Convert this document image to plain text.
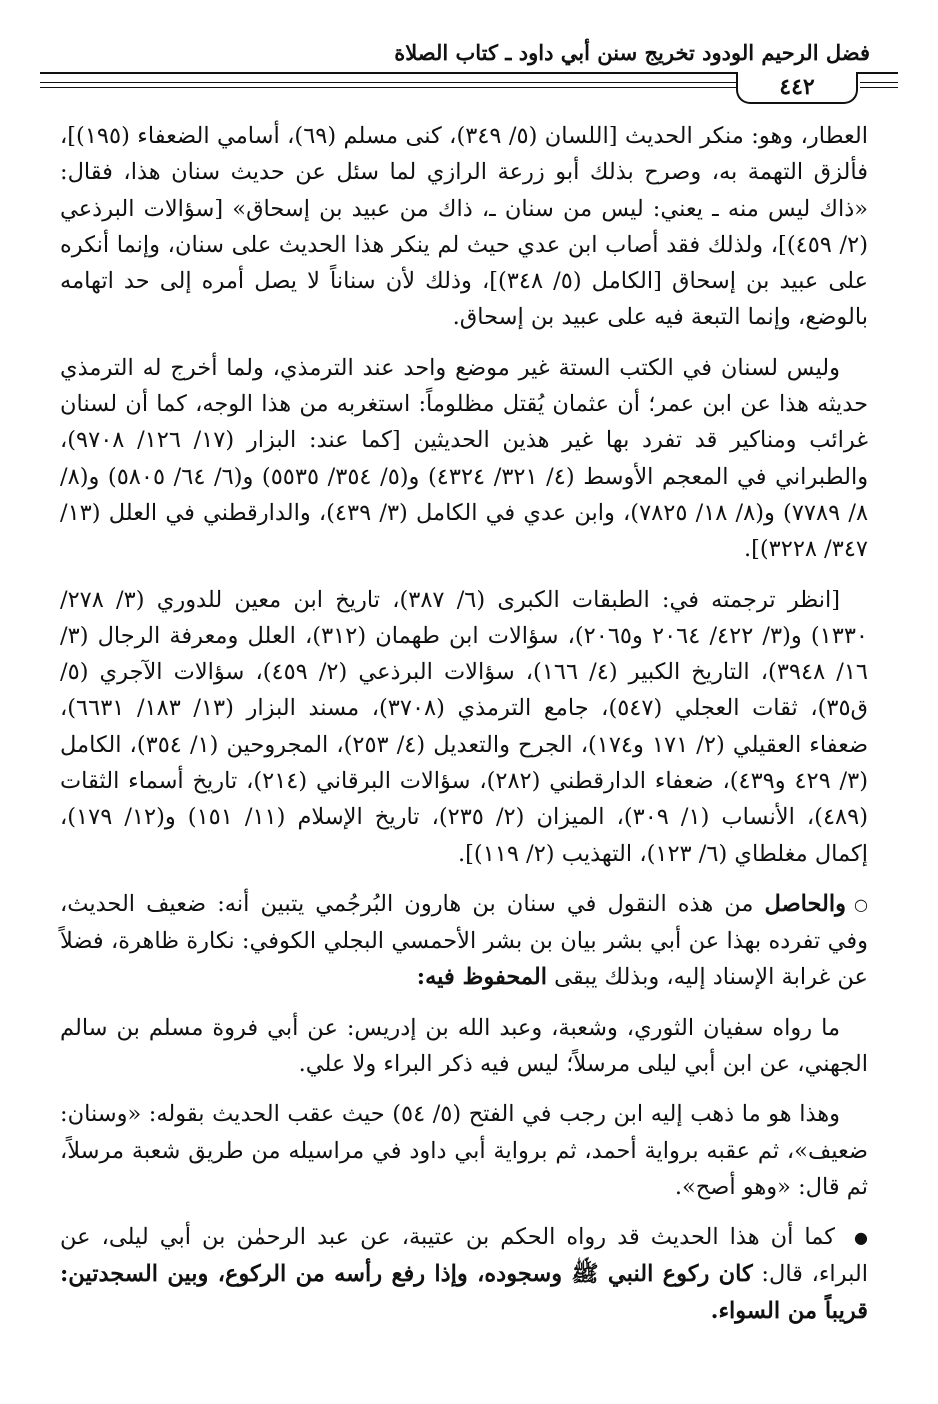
فضل الرحيم الودود تخريج سنن أبي داود ـ كتاب الصلاة
٤٤٢

العطار، وهو: منكر الحديث [اللسان (٥/ ٣٤٩)، كنى مسلم (٦٩)، أسامي الضعفاء (١٩٥)]، فألزق التهمة به، وصرح بذلك أبو زرعة الرازي لما سئل عن حديث سنان هذا، فقال: «ذاك ليس منه ـ يعني: ليس من سنان ـ، ذاك من عبيد بن إسحاق» [سؤالات البرذعي (٢/ ٤٥٩)]، ولذلك فقد أصاب ابن عدي حيث لم ينكر هذا الحديث على سنان، وإنما أنكره على عبيد بن إسحاق [الكامل (٥/ ٣٤٨)]، وذلك لأن سناناً لا يصل أمره إلى حد اتهامه بالوضع، وإنما التبعة فيه على عبيد بن إسحاق.

وليس لسنان في الكتب الستة غير موضع واحد عند الترمذي، ولما أخرج له الترمذي حديثه هذا عن ابن عمر؛ أن عثمان يُقتل مظلوماً: استغربه من هذا الوجه، كما أن لسنان غرائب ومناكير قد تفرد بها غير هذين الحديثين [كما عند: البزار (١٧/ ١٢٦/ ٩٧٠٨)، والطبراني في المعجم الأوسط (٤/ ٣٢١/ ٤٣٢٤) و(٥/ ٣٥٤/ ٥٥٣٥) و(٦/ ٦٤/ ٥٨٠٥) و(٨/ ٨/ ٧٧٨٩) و(٨/ ١٨/ ٧٨٢٥)، وابن عدي في الكامل (٣/ ٤٣٩)، والدارقطني في العلل (١٣/ ٣٤٧/ ٣٢٢٨)].

[انظر ترجمته في: الطبقات الكبرى (٦/ ٣٨٧)، تاريخ ابن معين للدوري (٣/ ٢٧٨/ ١٣٣٠) و(٣/ ٤٢٢/ ٢٠٦٤ و٢٠٦٥)، سؤالات ابن طهمان (٣١٢)، العلل ومعرفة الرجال (٣/ ١٦/ ٣٩٤٨)، التاريخ الكبير (٤/ ١٦٦)، سؤالات البرذعي (٢/ ٤٥٩)، سؤالات الآجري (٥/ ق٣٥)، ثقات العجلي (٥٤٧)، جامع الترمذي (٣٧٠٨)، مسند البزار (١٣/ ١٨٣/ ٦٦٣١)، ضعفاء العقيلي (٢/ ١٧١ و١٧٤)، الجرح والتعديل (٤/ ٢٥٣)، المجروحين (١/ ٣٥٤)، الكامل (٣/ ٤٢٩ و٤٣٩)، ضعفاء الدارقطني (٢٨٢)، سؤالات البرقاني (٢١٤)، تاريخ أسماء الثقات (٤٨٩)، الأنساب (١/ ٣٠٩)، الميزان (٢/ ٢٣٥)، تاريخ الإسلام (١١/ ١٥١) و(١٢/ ١٧٩)، إكمال مغلطاي (٦/ ١٢٣)، التهذيب (٢/ ١١٩)].

○والحاصل من هذه النقول في سنان بن هارون البُرجُمي يتبين أنه: ضعيف الحديث، وفي تفرده بهذا عن أبي بشر بيان بن بشر الأحمسي البجلي الكوفي: نكارة ظاهرة، فضلاً عن غرابة الإسناد إليه، وبذلك يبقى المحفوظ فيه:

ما رواه سفيان الثوري، وشعبة، وعبد الله بن إدريس: عن أبي فروة مسلم بن سالم الجهني، عن ابن أبي ليلى مرسلاً؛ ليس فيه ذكر البراء ولا علي.

وهذا هو ما ذهب إليه ابن رجب في الفتح (٥/ ٥٤) حيث عقب الحديث بقوله: «وسنان: ضعيف»، ثم عقبه برواية أحمد، ثم برواية أبي داود في مراسيله من طريق شعبة مرسلاً، ثم قال: «وهو أصح».

● كما أن هذا الحديث قد رواه الحكم بن عتيبة، عن عبد الرحمٰن بن أبي ليلى، عن البراء، قال: كان ركوع النبي ﷺ وسجوده، وإذا رفع رأسه من الركوع، وبين السجدتين: قريباً من السواء.
